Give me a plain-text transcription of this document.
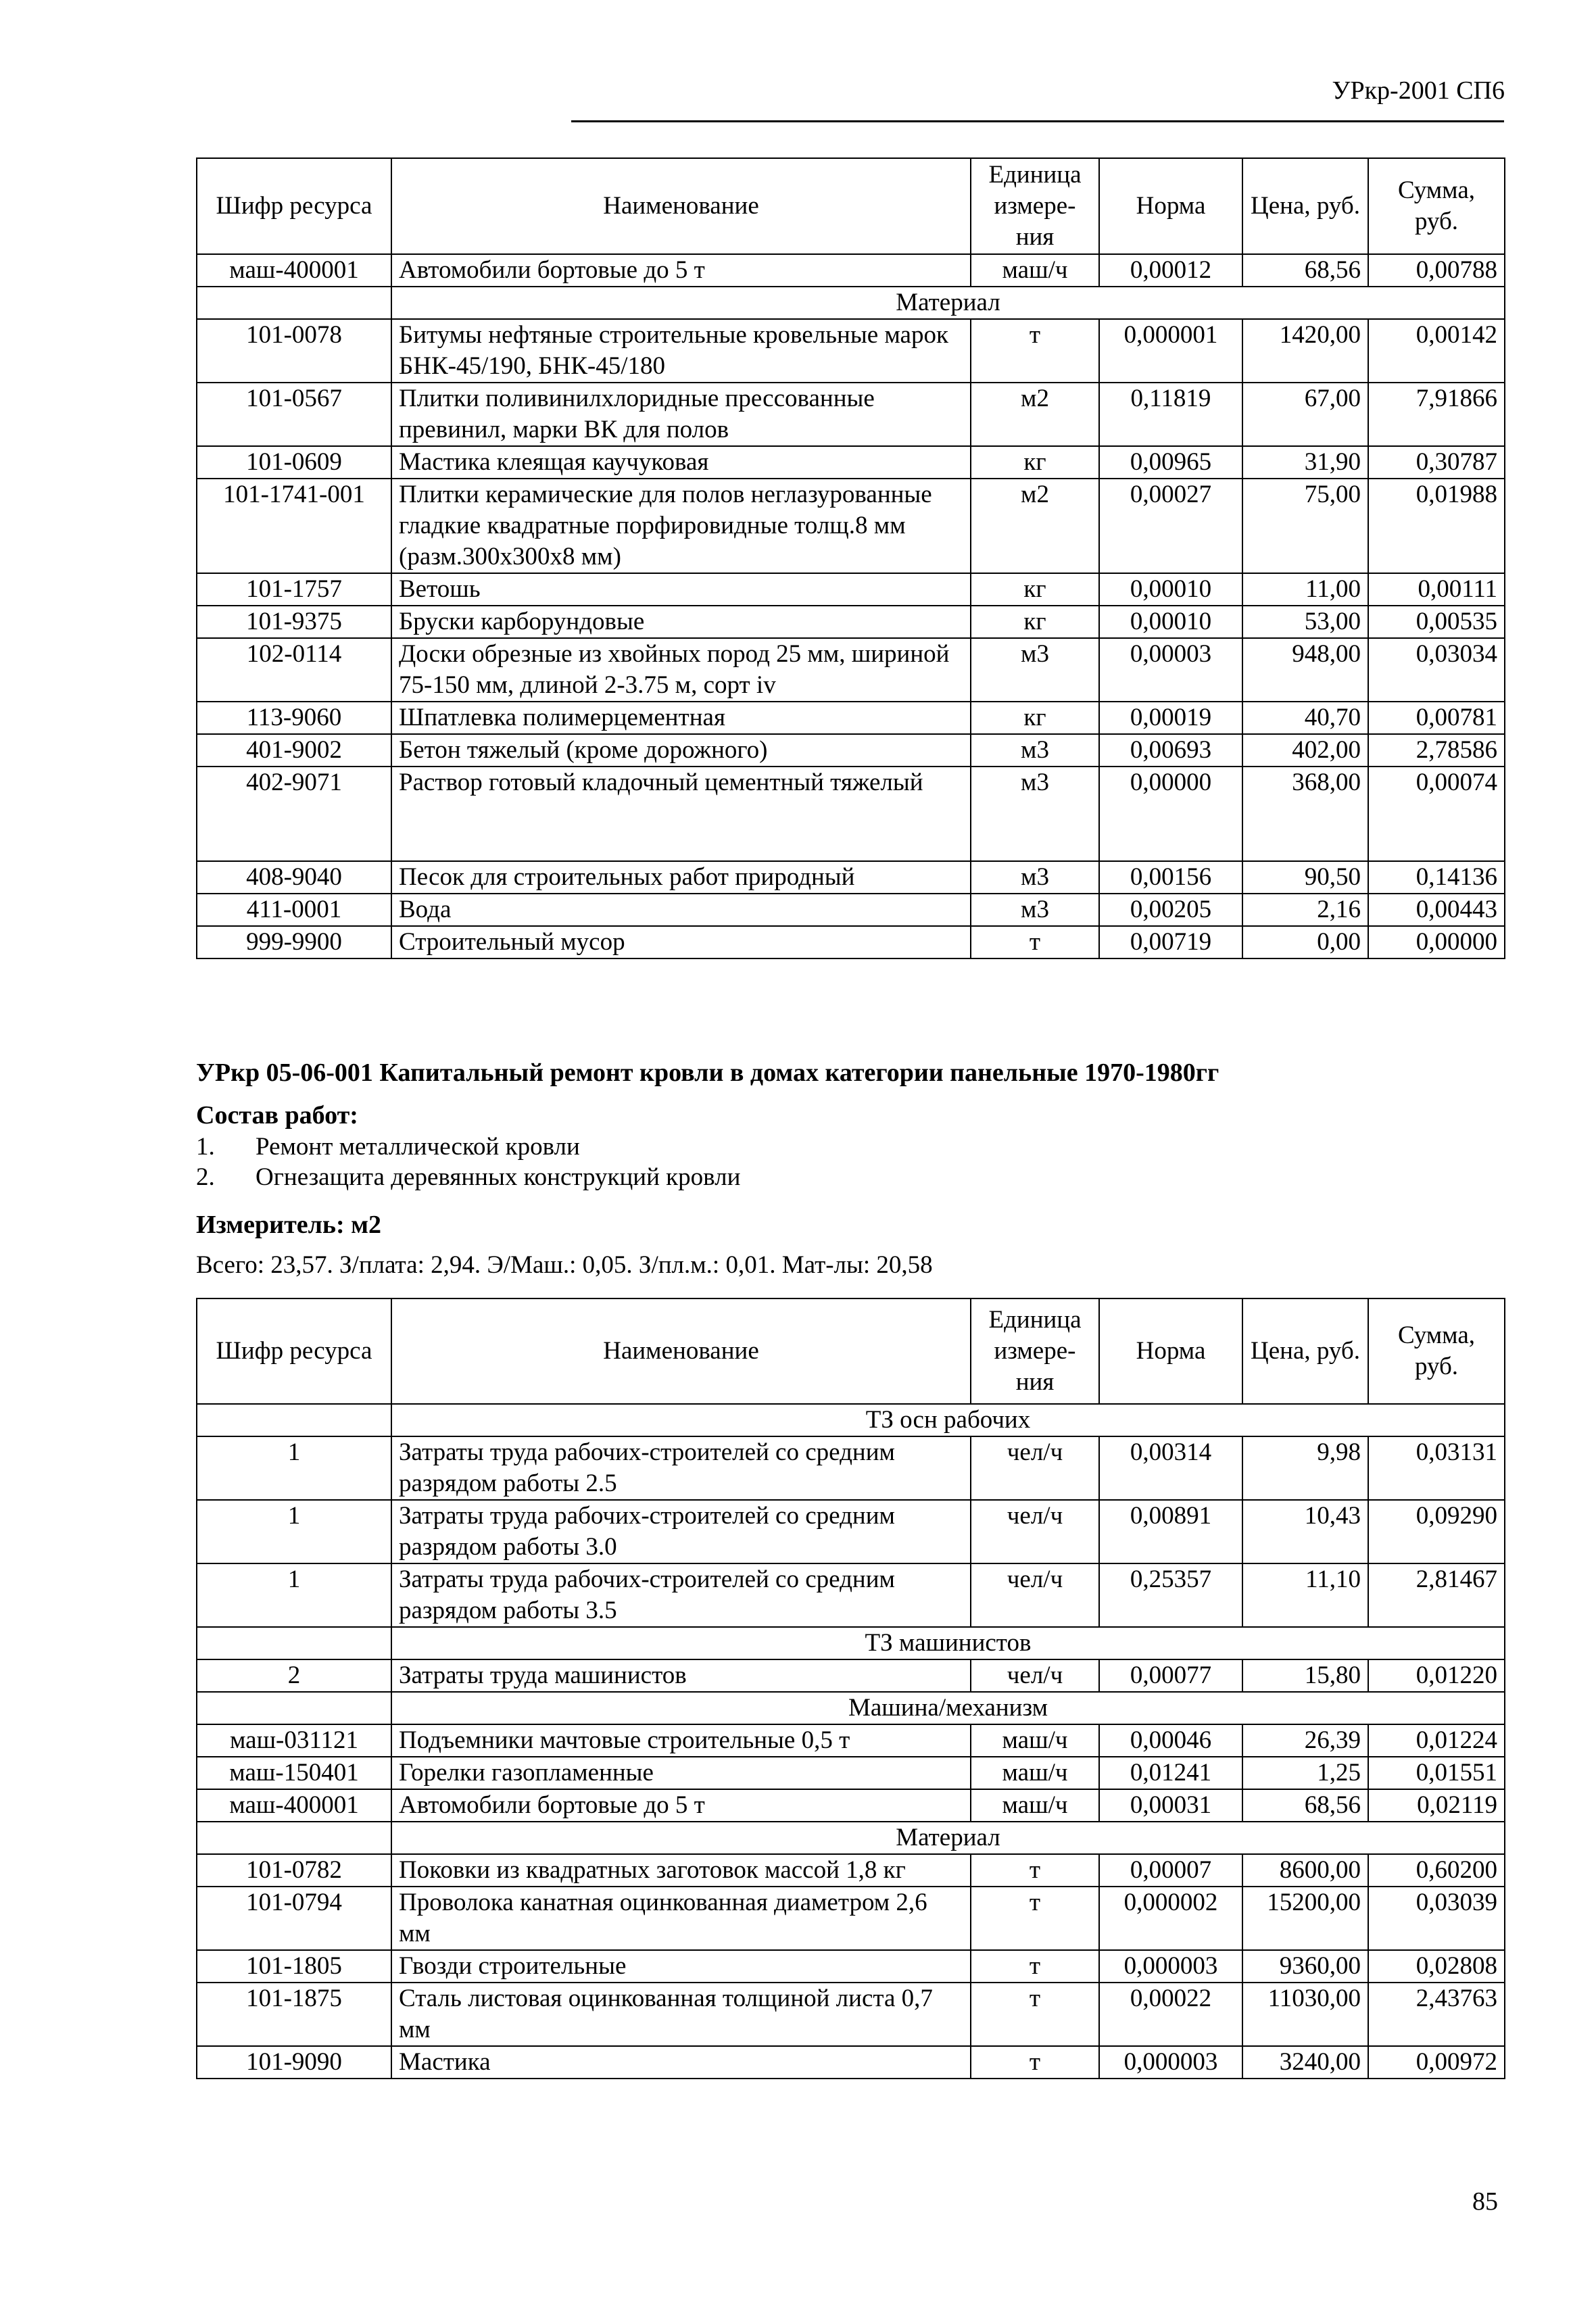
УРкр-2001 СП6
Шифр ресурса	Наименование	Единица измере- ния	Норма	Цена, руб.	Сумма, руб.
маш-400001	Автомобили бортовые до 5 т	маш/ч	0,00012	68,56	0,00788
	Материал				
101-0078	Битумы нефтяные строительные кровельные марок БНК-45/190, БНК-45/180	т	0,000001	1420,00	0,00142
101-0567	Плитки поливинилхлоридные прессованные превинил, марки ВК для полов	м2	0,11819	67,00	7,91866
101-0609	Мастика клеящая каучуковая	кг	0,00965	31,90	0,30787
101-1741-001	Плитки керамические для полов неглазурованные гладкие квадратные порфировидные толщ.8 мм (разм.300х300х8 мм)	м2	0,00027	75,00	0,01988
101-1757	Ветошь	кг	0,00010	11,00	0,00111
101-9375	Бруски карборундовые	кг	0,00010	53,00	0,00535
102-0114	Доски обрезные из хвойных пород 25 мм, шириной 75-150 мм, длиной 2-3.75 м, сорт iv	м3	0,00003	948,00	0,03034
113-9060	Шпатлевка полимерцементная	кг	0,00019	40,70	0,00781
401-9002	Бетон тяжелый (кроме дорожного)	м3	0,00693	402,00	2,78586
402-9071	Раствор готовый кладочный цементный тяжелый	м3	0,00000	368,00	0,00074
408-9040	Песок для строительных работ природный	м3	0,00156	90,50	0,14136
411-0001	Вода	м3	0,00205	2,16	0,00443
999-9900	Строительный мусор	т	0,00719	0,00	0,00000
УРкр 05-06-001 Капитальный ремонт кровли в домах категории панельные 1970-1980гг
Состав работ:
1. Ремонт металлической кровли
2. Огнезащита деревянных конструкций кровли
Измеритель: м2
Всего: 23,57. З/плата: 2,94. Э/Маш.: 0,05. З/пл.м.: 0,01. Мат-лы: 20,58
Шифр ресурса	Наименование	Единица измере- ния	Норма	Цена, руб.	Сумма, руб.
	ТЗ осн рабочих				
1	Затраты труда рабочих-строителей со средним разрядом работы 2.5	чел/ч	0,00314	9,98	0,03131
1	Затраты труда рабочих-строителей со средним разрядом работы 3.0	чел/ч	0,00891	10,43	0,09290
1	Затраты труда рабочих-строителей со средним разрядом работы 3.5	чел/ч	0,25357	11,10	2,81467
	ТЗ машинистов				
2	Затраты труда машинистов	чел/ч	0,00077	15,80	0,01220
	Машина/механизм				
маш-031121	Подъемники мачтовые строительные 0,5 т	маш/ч	0,00046	26,39	0,01224
маш-150401	Горелки газопламенные	маш/ч	0,01241	1,25	0,01551
маш-400001	Автомобили бортовые до 5 т	маш/ч	0,00031	68,56	0,02119
	Материал				
101-0782	Поковки из квадратных заготовок массой 1,8 кг	т	0,00007	8600,00	0,60200
101-0794	Проволока канатная оцинкованная диаметром 2,6 мм	т	0,000002	15200,00	0,03039
101-1805	Гвозди строительные	т	0,000003	9360,00	0,02808
101-1875	Сталь листовая оцинкованная толщиной листа 0,7 мм	т	0,00022	11030,00	2,43763
101-9090	Мастика	т	0,000003	3240,00	0,00972
85
